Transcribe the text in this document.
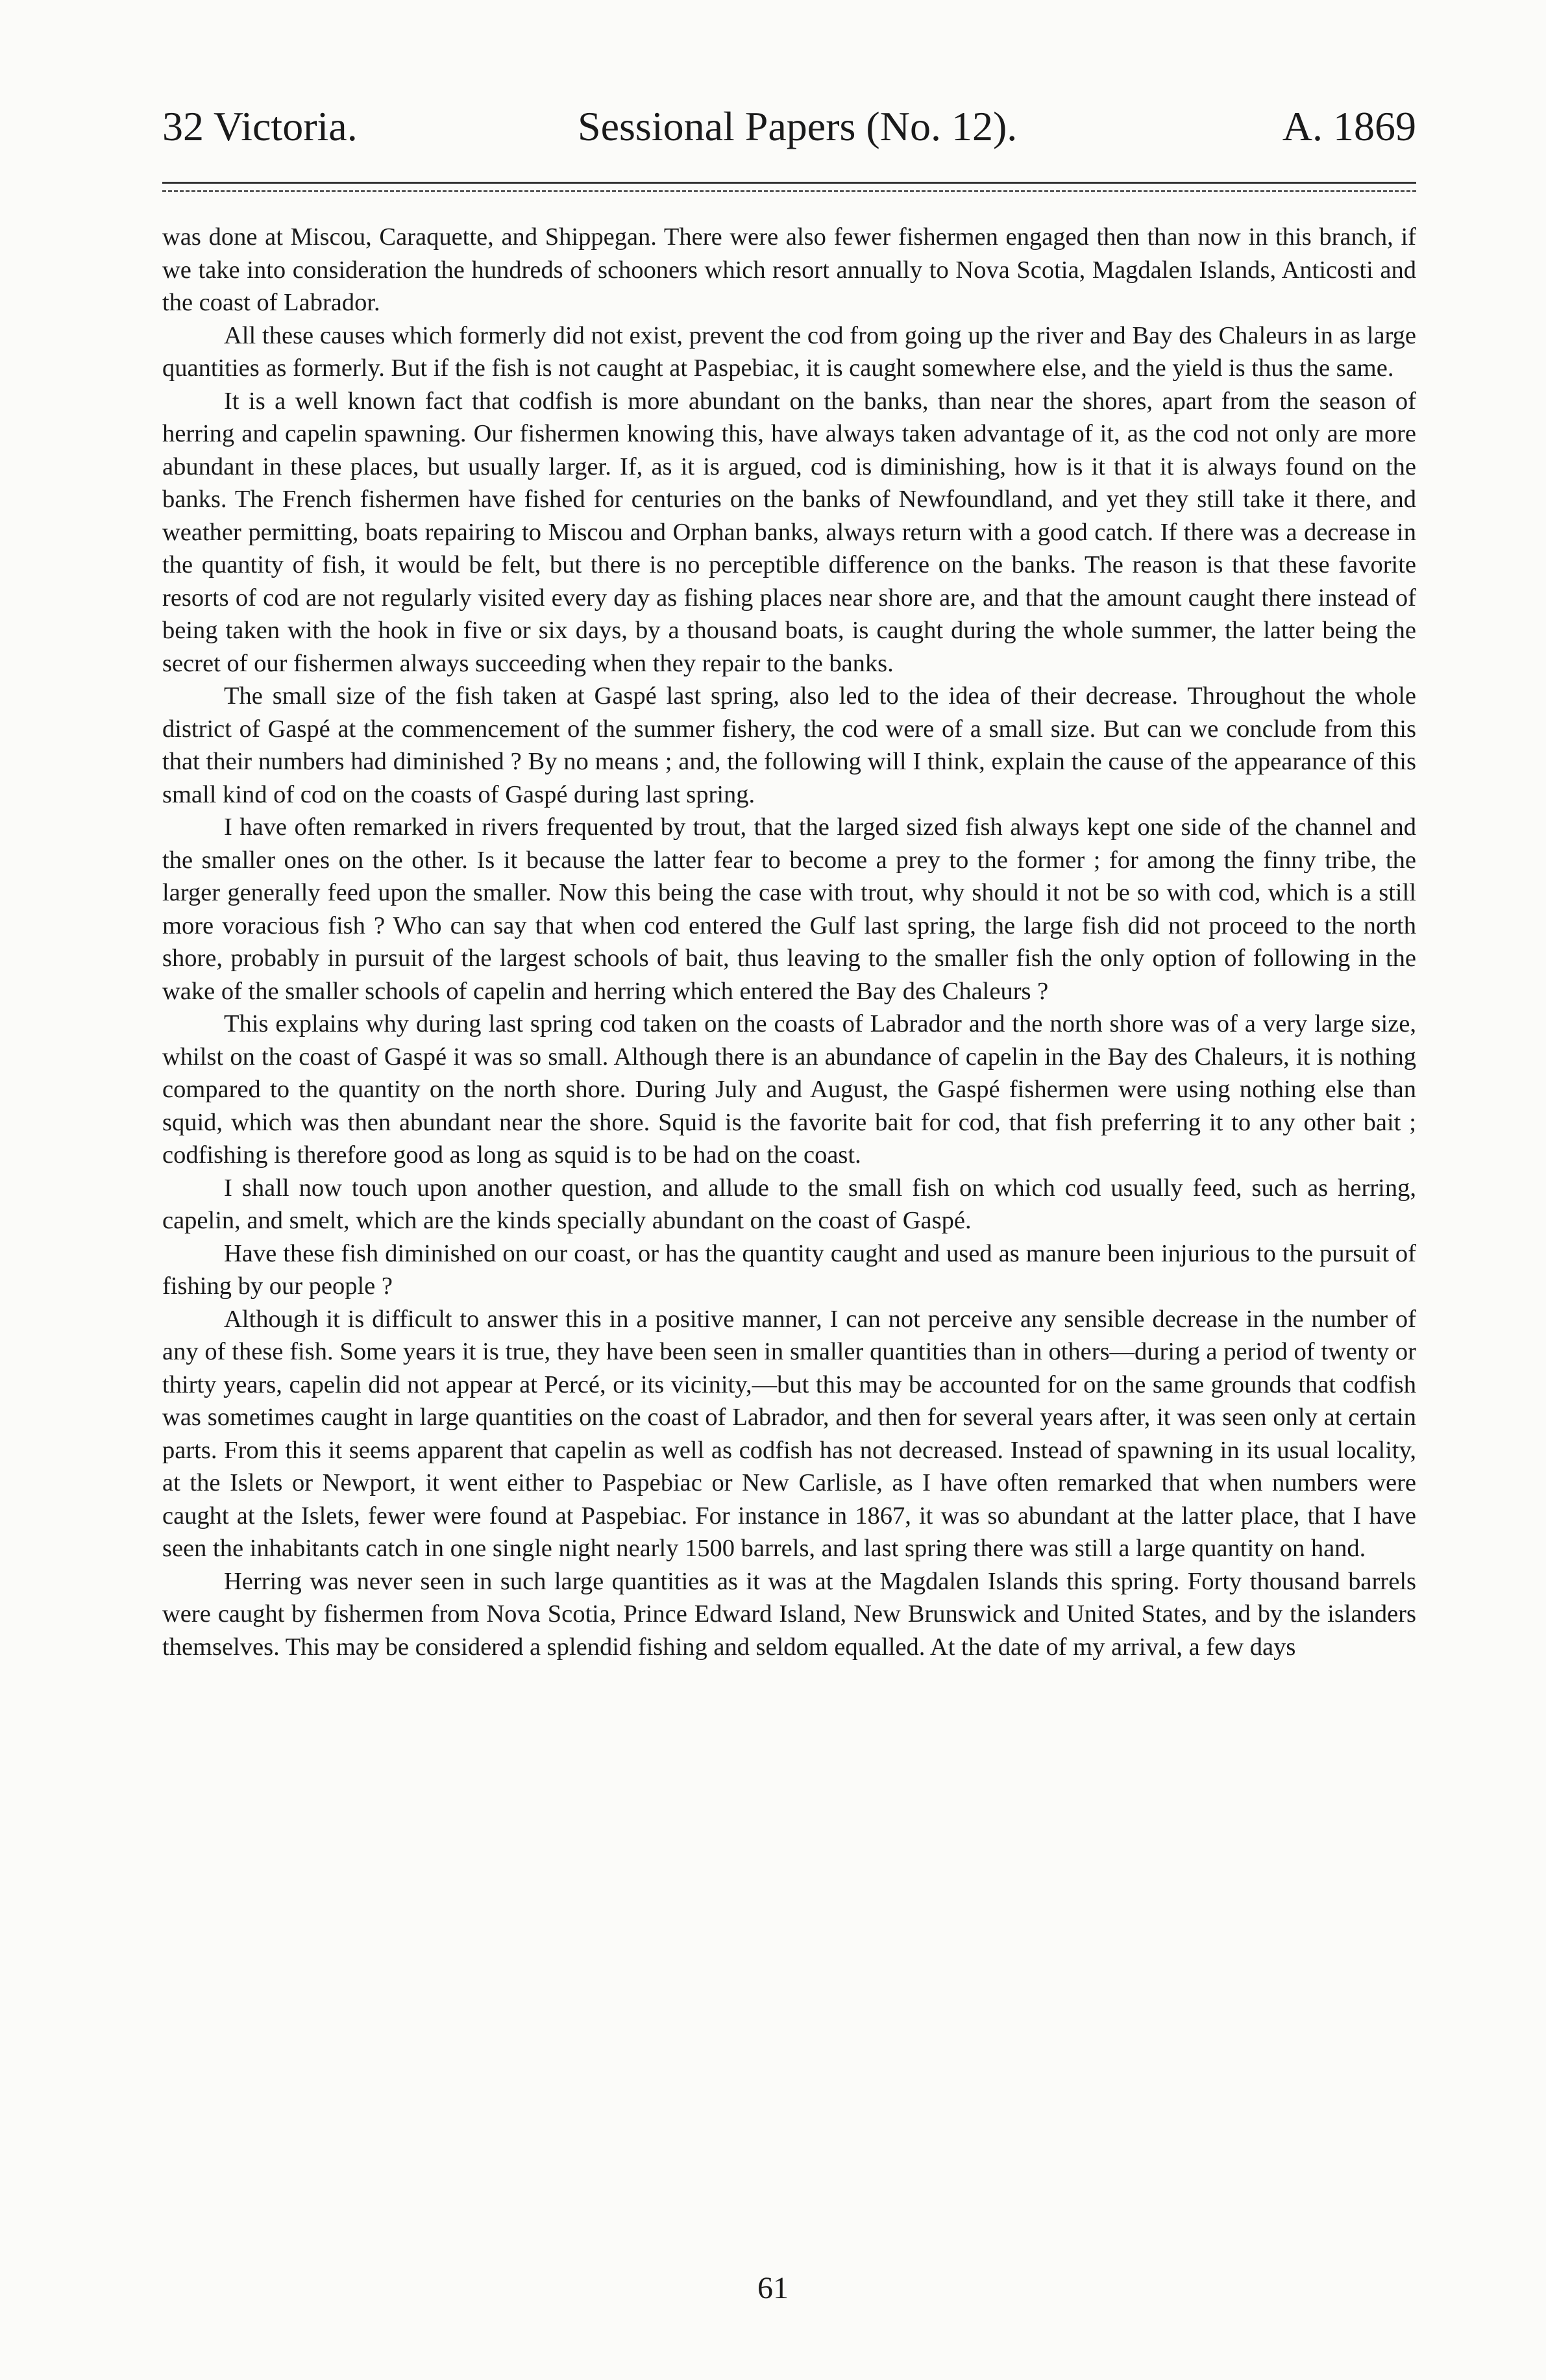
32 Victoria.	Sessional Papers (No. 12).	A. 1869

was done at Miscou, Caraquette, and Shippegan. There were also fewer fishermen engaged then than now in this branch, if we take into consideration the hundreds of schooners which resort annually to Nova Scotia, Magdalen Islands, Anticosti and the coast of Labrador.

All these causes which formerly did not exist, prevent the cod from going up the river and Bay des Chaleurs in as large quantities as formerly. But if the fish is not caught at Paspebiac, it is caught somewhere else, and the yield is thus the same.

It is a well known fact that codfish is more abundant on the banks, than near the shores, apart from the season of herring and capelin spawning. Our fishermen knowing this, have always taken advantage of it, as the cod not only are more abundant in these places, but usually larger. If, as it is argued, cod is diminishing, how is it that it is always found on the banks. The French fishermen have fished for centuries on the banks of Newfoundland, and yet they still take it there, and weather permitting, boats repairing to Miscou and Orphan banks, always return with a good catch. If there was a decrease in the quantity of fish, it would be felt, but there is no perceptible difference on the banks. The reason is that these favorite resorts of cod are not regularly visited every day as fishing places near shore are, and that the amount caught there instead of being taken with the hook in five or six days, by a thousand boats, is caught during the whole summer, the latter being the secret of our fishermen always succeeding when they repair to the banks.

The small size of the fish taken at Gaspé last spring, also led to the idea of their decrease. Throughout the whole district of Gaspé at the commencement of the summer fishery, the cod were of a small size. But can we conclude from this that their numbers had diminished ? By no means ; and, the following will I think, explain the cause of the appearance of this small kind of cod on the coasts of Gaspé during last spring.

I have often remarked in rivers frequented by trout, that the larged sized fish always kept one side of the channel and the smaller ones on the other. Is it because the latter fear to become a prey to the former ; for among the finny tribe, the larger generally feed upon the smaller. Now this being the case with trout, why should it not be so with cod, which is a still more voracious fish ? Who can say that when cod entered the Gulf last spring, the large fish did not proceed to the north shore, probably in pursuit of the largest schools of bait, thus leaving to the smaller fish the only option of following in the wake of the smaller schools of capelin and herring which entered the Bay des Chaleurs ?

This explains why during last spring cod taken on the coasts of Labrador and the north shore was of a very large size, whilst on the coast of Gaspé it was so small. Although there is an abundance of capelin in the Bay des Chaleurs, it is nothing compared to the quantity on the north shore. During July and August, the Gaspé fishermen were using nothing else than squid, which was then abundant near the shore. Squid is the favorite bait for cod, that fish preferring it to any other bait ; codfishing is therefore good as long as squid is to be had on the coast.

I shall now touch upon another question, and allude to the small fish on which cod usually feed, such as herring, capelin, and smelt, which are the kinds specially abundant on the coast of Gaspé.

Have these fish diminished on our coast, or has the quantity caught and used as manure been injurious to the pursuit of fishing by our people ?

Although it is difficult to answer this in a positive manner, I can not perceive any sensible decrease in the number of any of these fish. Some years it is true, they have been seen in smaller quantities than in others—during a period of twenty or thirty years, capelin did not appear at Percé, or its vicinity,—but this may be accounted for on the same grounds that codfish was sometimes caught in large quantities on the coast of Labrador, and then for several years after, it was seen only at certain parts. From this it seems apparent that capelin as well as codfish has not decreased. Instead of spawning in its usual locality, at the Islets or Newport, it went either to Paspebiac or New Carlisle, as I have often remarked that when numbers were caught at the Islets, fewer were found at Paspebiac. For instance in 1867, it was so abundant at the latter place, that I have seen the inhabitants catch in one single night nearly 1500 barrels, and last spring there was still a large quantity on hand.

Herring was never seen in such large quantities as it was at the Magdalen Islands this spring. Forty thousand barrels were caught by fishermen from Nova Scotia, Prince Edward Island, New Brunswick and United States, and by the islanders themselves. This may be considered a splendid fishing and seldom equalled. At the date of my arrival, a few days

61
